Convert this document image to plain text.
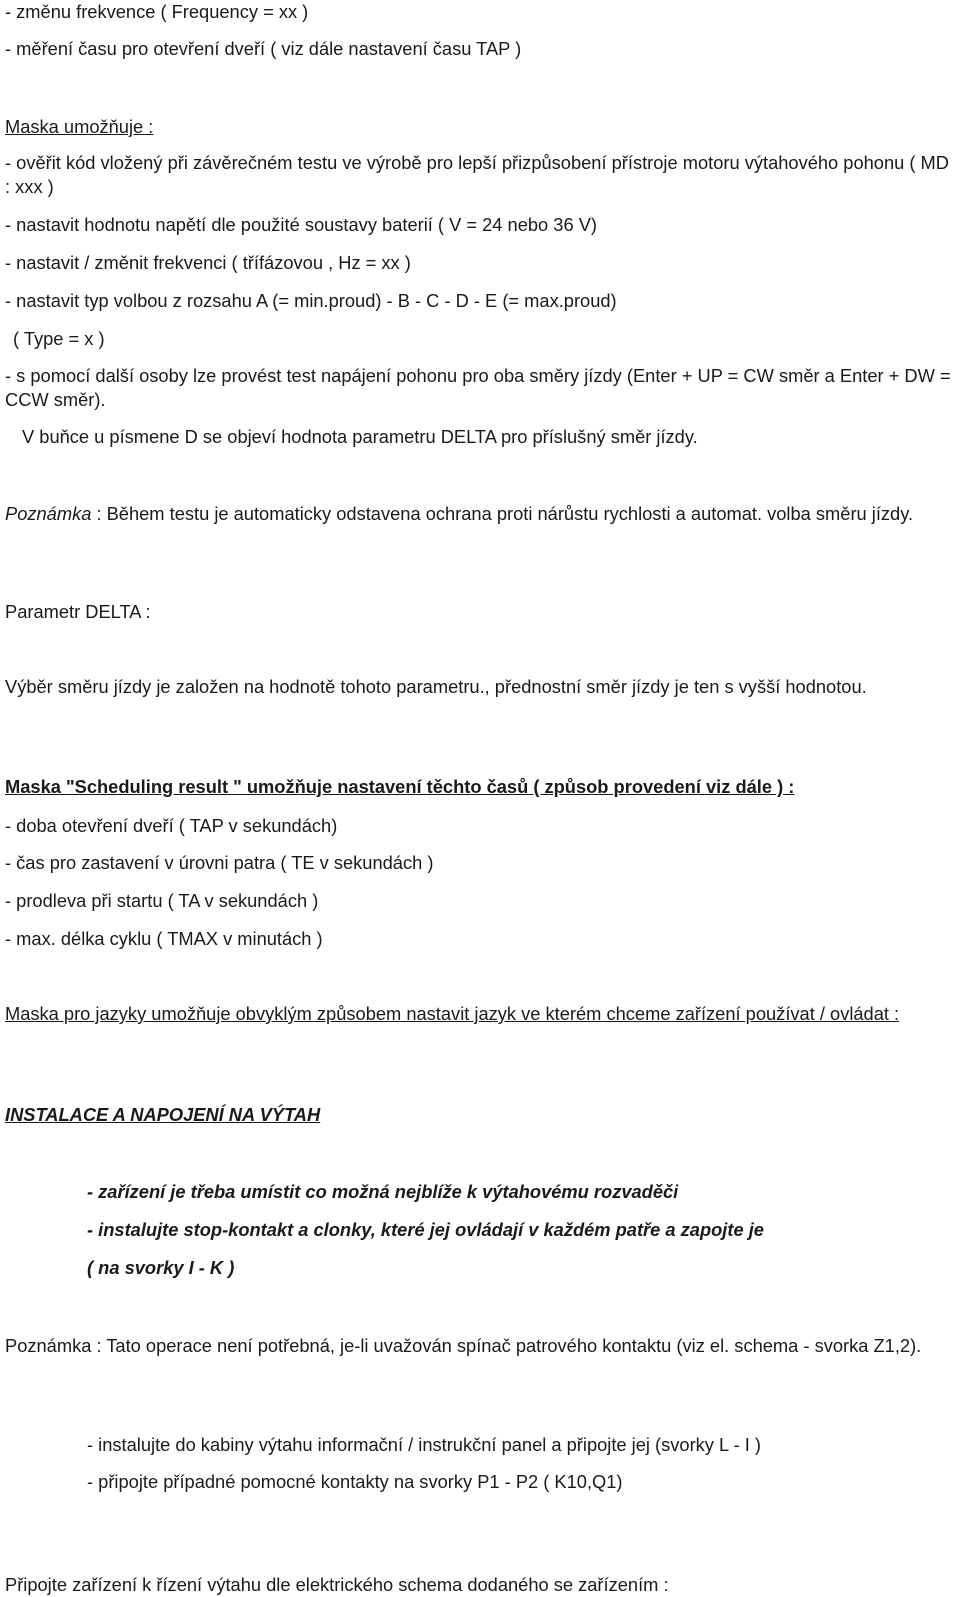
- změnu frekvence ( Frequency = xx )
- měření času pro otevření dveří ( viz dále nastavení času TAP )
Maska umožňuje :
- ověřit kód vložený při závěrečném testu ve výrobě pro lepší přizpůsobení přístroje motoru výtahového pohonu ( MD : xxx )
- nastavit hodnotu napětí dle použité soustavy baterií ( V = 24 nebo 36 V)
- nastavit / změnit frekvenci ( třífázovou , Hz = xx )
- nastavit typ volbou z rozsahu A (= min.proud) - B - C - D - E (= max.proud)
( Type = x )
- s pomocí další osoby lze provést test napájení pohonu pro oba směry jízdy (Enter + UP = CW směr a Enter + DW = CCW směr).
V buňce u písmene D se objeví hodnota parametru DELTA pro příslušný směr jízdy.
Poznámka : Během testu je automaticky odstavena ochrana proti nárůstu rychlosti a automat. volba směru jízdy.
Parametr DELTA :
Výběr směru jízdy je založen na hodnotě tohoto parametru., přednostní směr jízdy je ten s vyšší hodnotou.
Maska "Scheduling result " umožňuje nastavení těchto časů ( způsob provedení viz dále ) :
- doba otevření dveří ( TAP v sekundách)
- čas pro zastavení v úrovni patra ( TE v sekundách )
- prodleva při startu ( TA v sekundách )
- max. délka cyklu ( TMAX v minutách )
Maska pro jazyky umožňuje obvyklým způsobem nastavit jazyk ve kterém chceme zařízení používat / ovládat :
INSTALACE A NAPOJENÍ NA VÝTAH
- zařízení je třeba umístit co možná nejblíže k výtahovému rozvaděči
- instalujte stop-kontakt a clonky, které jej ovládají v každém patře a zapojte je
( na svorky I - K )
Poznámka : Tato operace není potřebná, je-li uvažován spínač patrového kontaktu (viz el. schema - svorka Z1,2).
- instalujte do kabiny výtahu informační / instrukční panel a připojte jej (svorky L - I )
- připojte případné pomocné kontakty na svorky P1 - P2 ( K10,Q1)
Připojte zařízení k řízení výtahu dle elektrického schema dodaného se zařízením :
